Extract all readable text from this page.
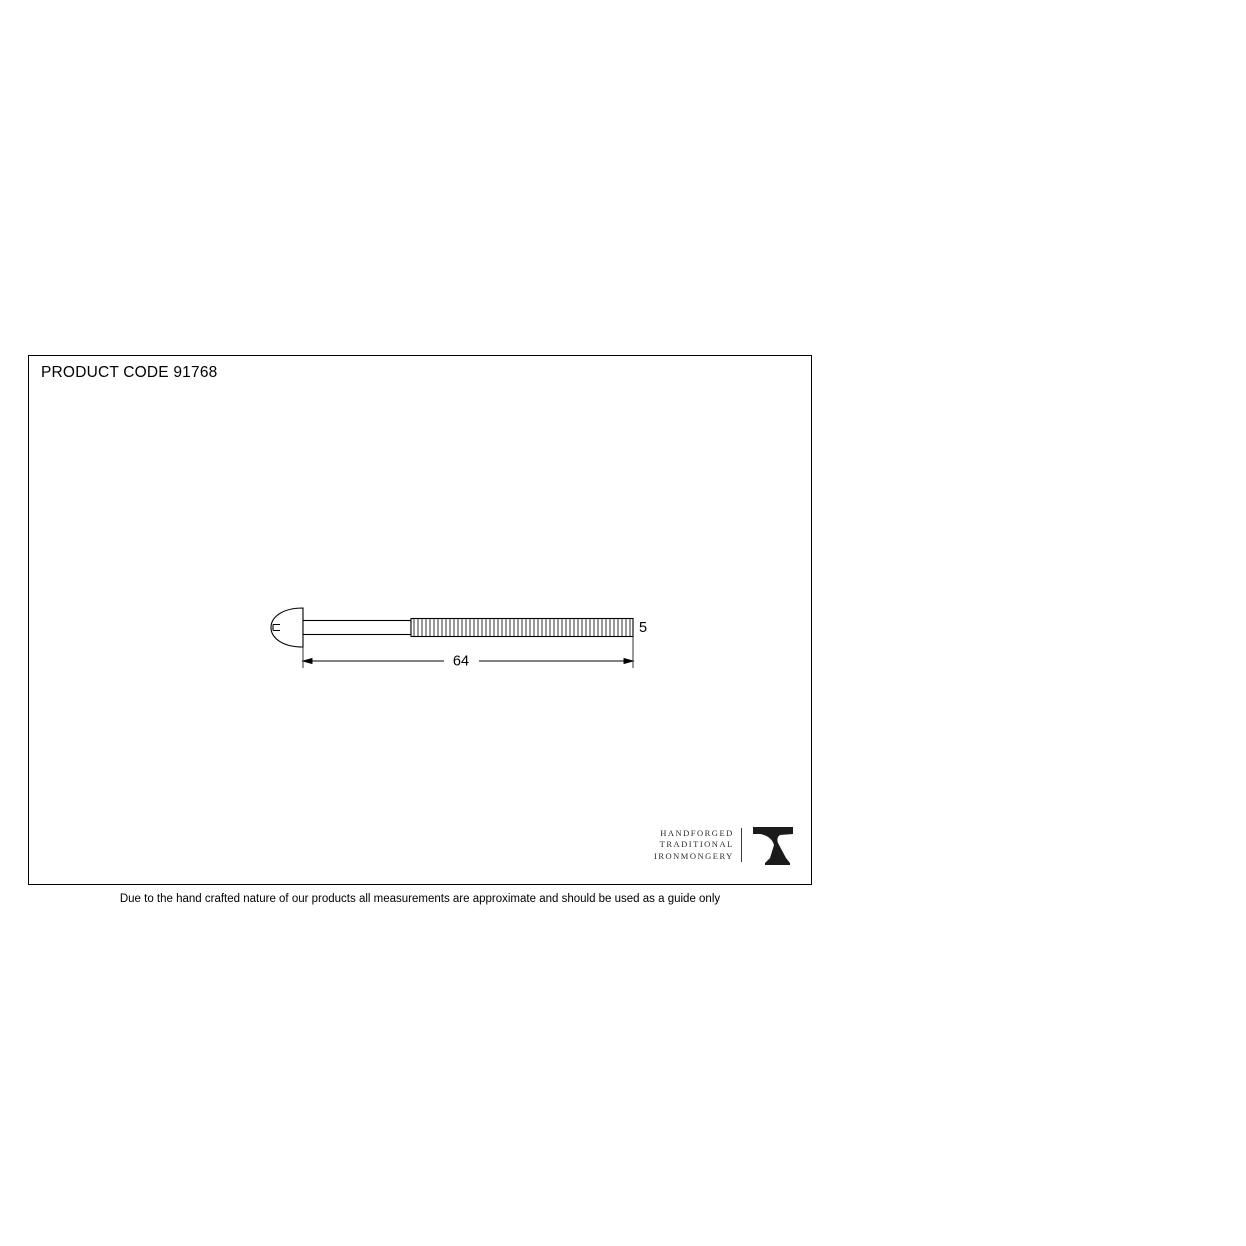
PRODUCT CODE 91768
64
5
HANDFORGED
TRADITIONAL
IRONMONGERY
Due to the hand crafted nature of our products all measurements are approximate and should be used as a guide only
